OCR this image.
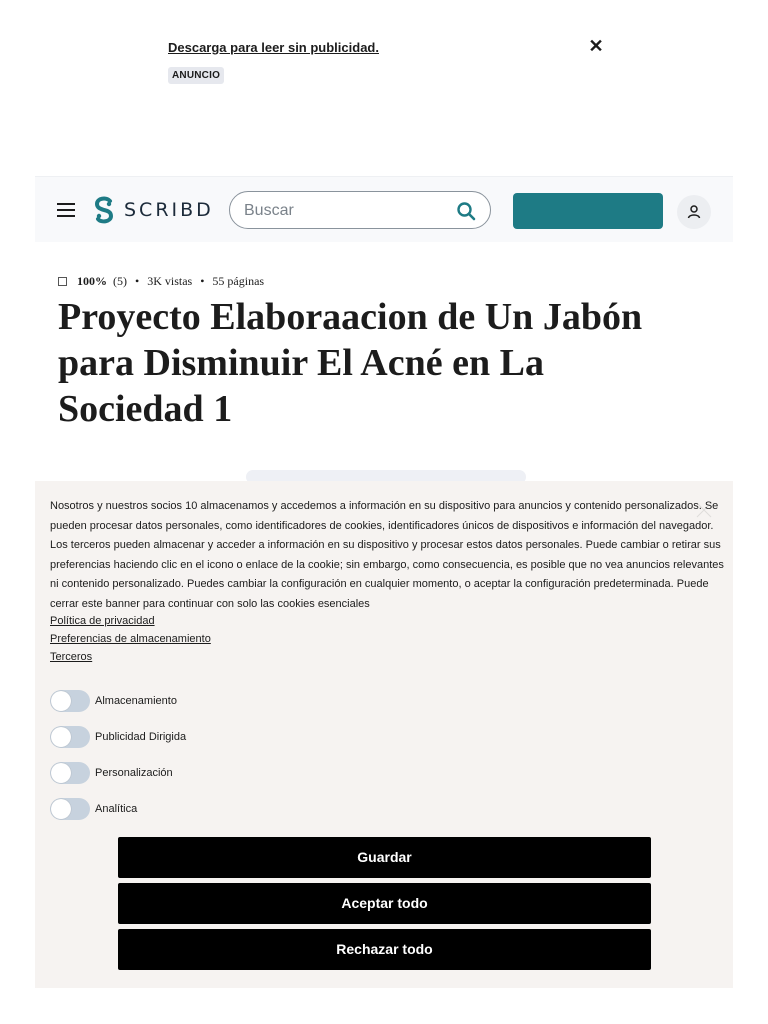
Descarga para leer sin publicidad.
ANUNCIO
✕
SCRIBD
Buscar
100% (5) • 3K vistas • 55 páginas
Proyecto Elaboraacion de Un Jabón para Disminuir El Acné en La Sociedad 1

Nosotros y nuestros socios 10 almacenamos y accedemos a información en su dispositivo para anuncios y contenido personalizados. Se pueden procesar datos personales, como identificadores de cookies, identificadores únicos de dispositivos e información del navegador. Los terceros pueden almacenar y acceder a información en su dispositivo y procesar estos datos personales. Puede cambiar o retirar sus preferencias haciendo clic en el icono o enlace de la cookie; sin embargo, como consecuencia, es posible que no vea anuncios relevantes ni contenido personalizado. Puedes cambiar la configuración en cualquier momento, o aceptar la configuración predeterminada. Puede cerrar este banner para continuar con solo las cookies esenciales

Política de privacidad
Preferencias de almacenamiento
Terceros
Almacenamiento
Publicidad Dirigida
Personalización
Analítica
Guardar
Aceptar todo
Rechazar todo
